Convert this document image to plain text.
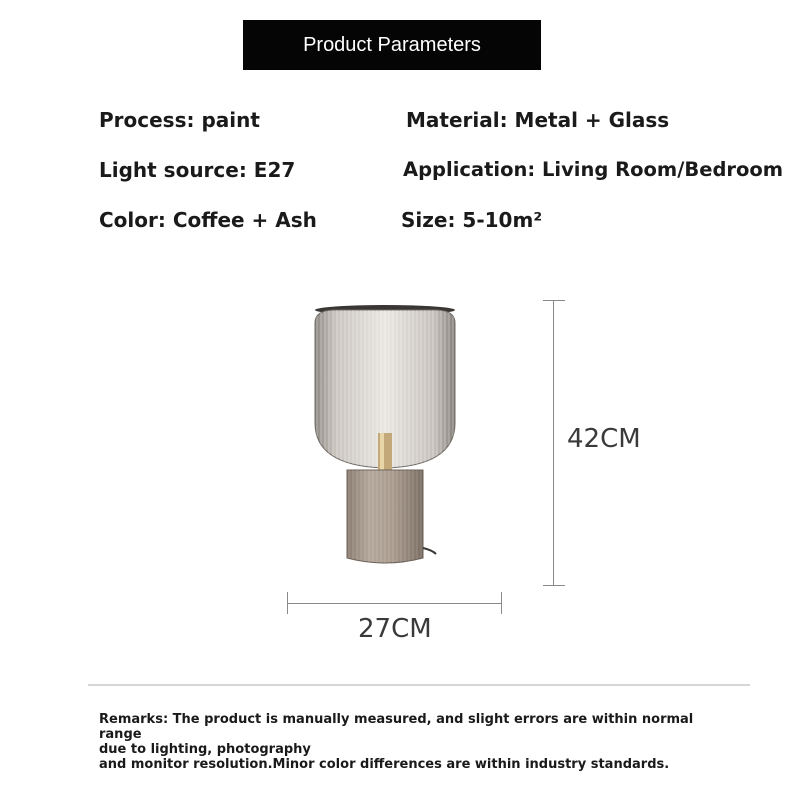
Product Parameters
Process: paint	Material: Metal + Glass
Light source: E27	Application: Living Room/Bedroom
Color: Coffee + Ash	Size: 5-10m²
42CM
27CM
Remarks: The product is manually measured, and slight errors are within normal range
due to lighting, photography
and monitor resolution.Minor color differences are within industry standards.
